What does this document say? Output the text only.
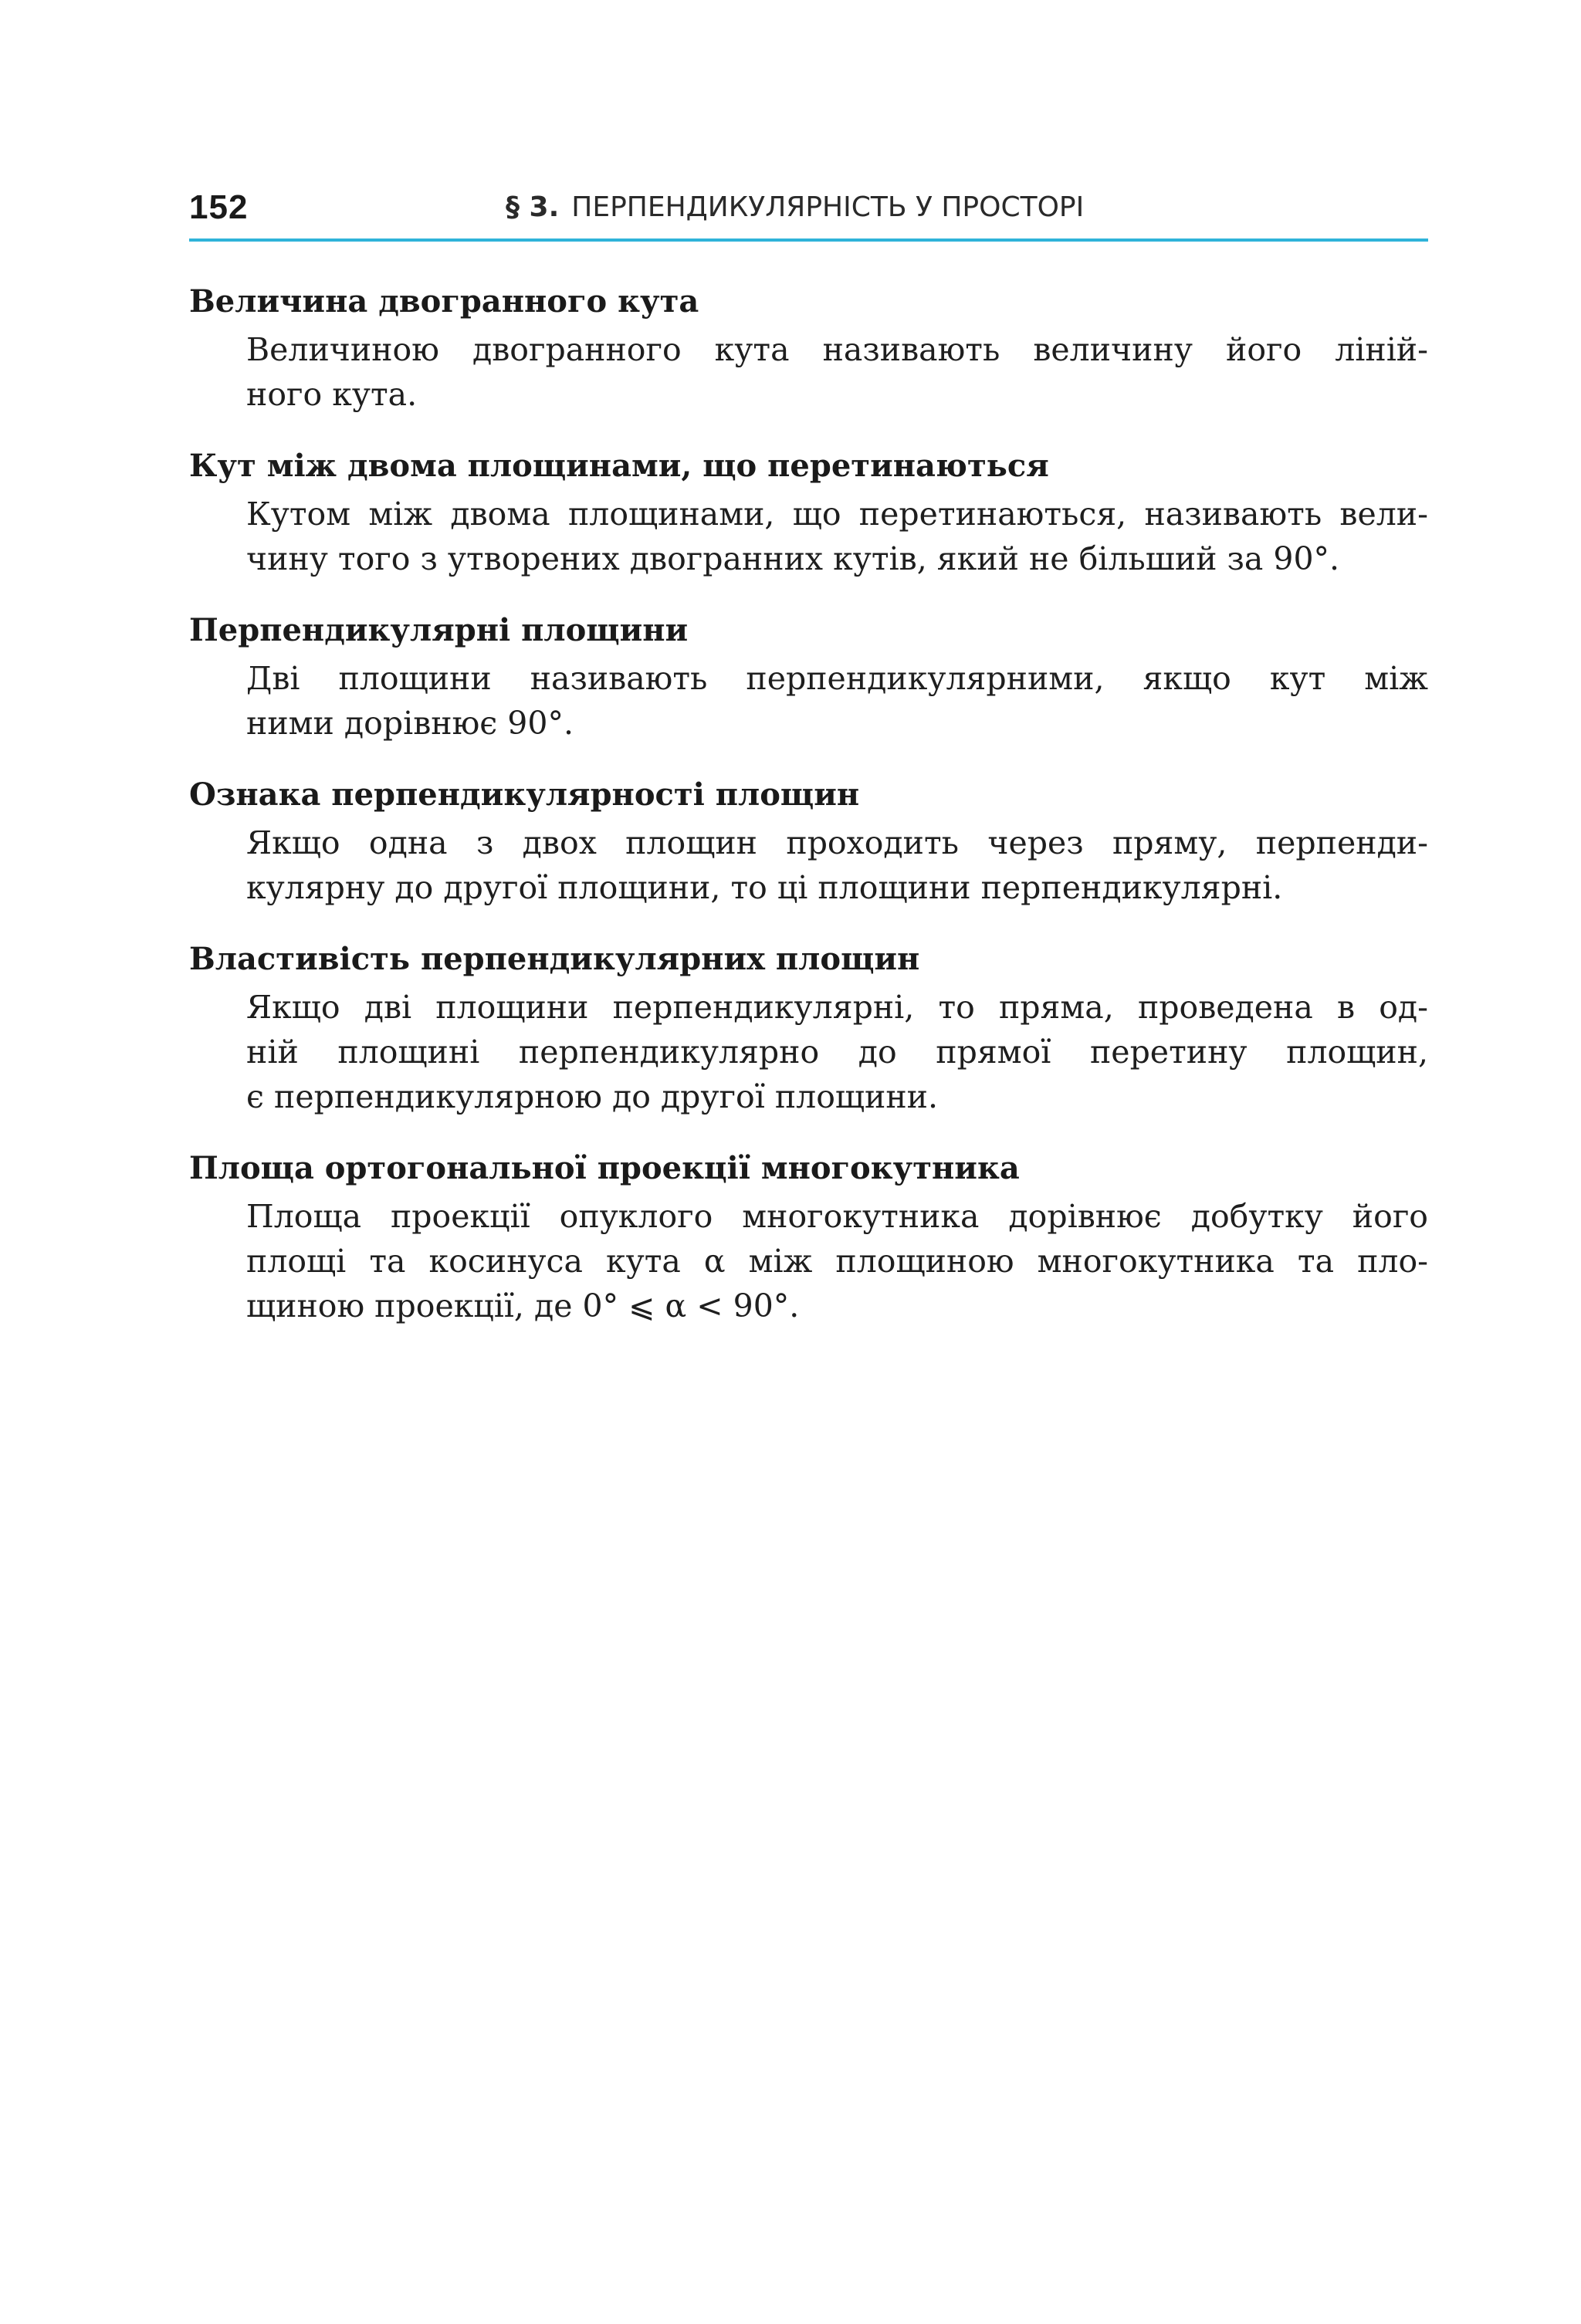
152	§ 3. ПЕРПЕНДИКУЛЯРНІСТЬ У ПРОСТОРІ

Величина двогранного кута

Величиною двогранного кута називають величину його ліній-
ного кута.

Кут між двома площинами, що перетинаються

Кутом між двома площинами, що перетинаються, називають вели-
чину того з утворених двогранних кутів, який не більший за 90°.

Перпендикулярні площини

Дві площини називають перпендикулярними, якщо кут між
ними дорівнює 90°.

Ознака перпендикулярності площин

Якщо одна з двох площин проходить через пряму, перпенди-
кулярну до другої площини, то ці площини перпендикулярні.

Властивість перпендикулярних площин

Якщо дві площини перпендикулярні, то пряма, проведена в од-
ній площині перпендикулярно до прямої перетину площин,
є перпендикулярною до другої площини.

Площа ортогональної проекції многокутника

Площа проекції опуклого многокутника дорівнює добутку його
площі та косинуса кута α між площиною многокутника та пло-
щиною проекції, де 0° ⩽ α < 90°.
